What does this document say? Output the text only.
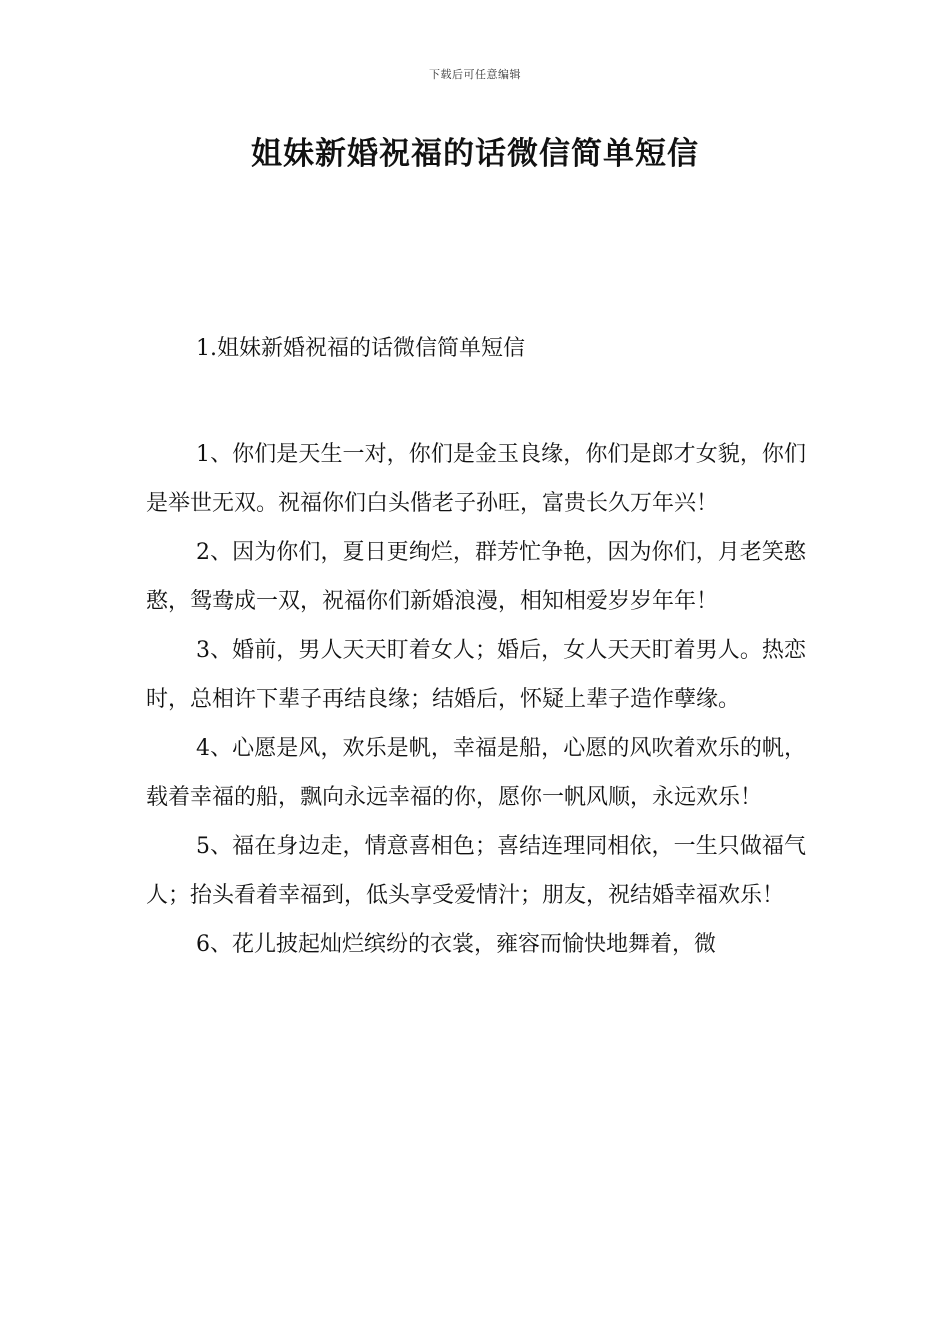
下载后可任意编辑
姐妹新婚祝福的话微信简单短信
1.姐妹新婚祝福的话微信简单短信

1、你们是天生一对，你们是金玉良缘，你们是郎才女貌，你们是举世无双。祝福你们白头偕老子孙旺，富贵长久万年兴！

2、因为你们，夏日更绚烂，群芳忙争艳，因为你们，月老笑憨憨，鸳鸯成一双，祝福你们新婚浪漫，相知相爱岁岁年年！

3、婚前，男人天天盯着女人；婚后，女人天天盯着男人。热恋时，总相许下辈子再结良缘；结婚后，怀疑上辈子造作孽缘。

4、心愿是风，欢乐是帆，幸福是船，心愿的风吹着欢乐的帆，载着幸福的船，飘向永远幸福的你，愿你一帆风顺，永远欢乐！

5、福在身边走，情意喜相色；喜结连理同相依，一生只做福气人；抬头看着幸福到，低头享受爱情汁；朋友，祝结婚幸福欢乐！

6、花儿披起灿烂缤纷的衣裳，雍容而愉快地舞着，微
